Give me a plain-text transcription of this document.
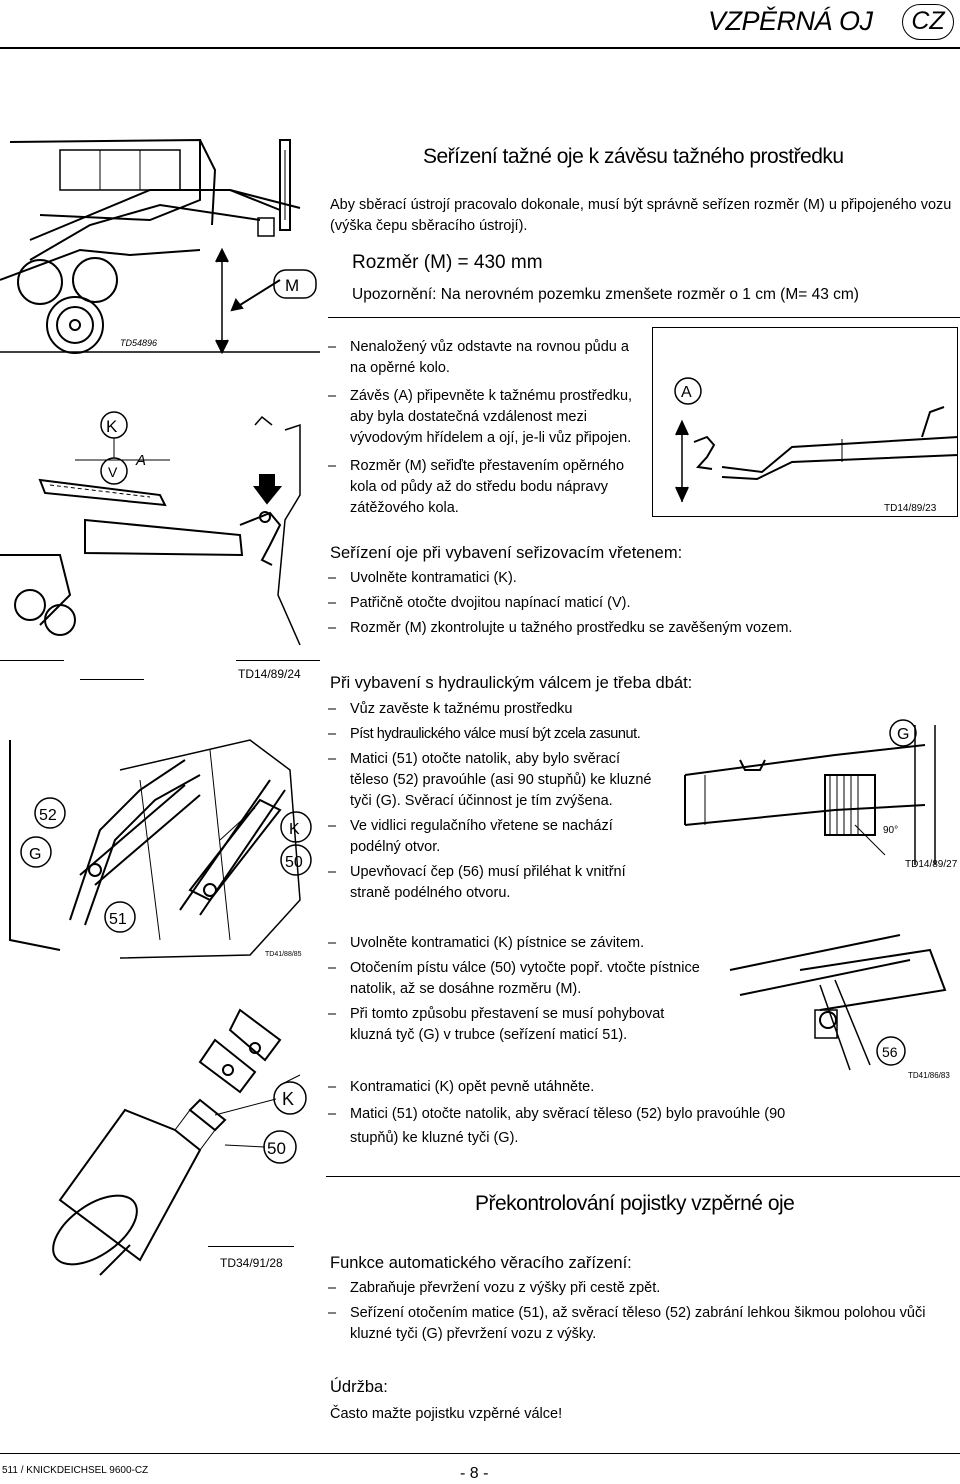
VZPĚRNÁ OJ	CZ
Seřízení tažné oje k závěsu tažného prostředku
Aby sběrací ústrojí pracovalo dokonale, musí být správně seřízen rozměr (M) u připojeného vozu (výška čepu sběracího ústrojí).
Rozměr (M) = 430 mm
Upozornění: Na nerovném pozemku zmenšete rozměr o 1 cm (M= 43 cm)
– Nenaložený vůz odstavte na rovnou půdu a na opěrné kolo.
– Závěs (A) připevněte k tažnému prostředku, aby byla dostatečná vzdálenost mezi vývodovým hřídelem a ojí, je-li vůz připojen.
– Rozměr (M) seřiďte přestavením opěrného kola od půdy až do středu bodu nápravy zátěžového kola.
Seřízení oje při vybavení seřizovacím vřetenem:
– Uvolněte kontramatici (K).
– Patřičně otočte dvojitou napínací maticí (V).
– Rozměr (M) zkontrolujte u tažného prostředku se zavěšeným vozem.
TD14/89/24 Při vybavení s hydraulickým válcem je třeba dbát:
– Vůz zavěste k tažnému prostředku
– Píst hydraulického válce musí být zcela zasunut.
– Matici (51) otočte natolik, aby bylo svěrací těleso (52) pravoúhle (asi 90 stupňů) ke kluzné tyči (G). Svěrací účinnost je tím zvýšena.
– Ve vidlici regulačního vřetene se nachází podélný otvor.
– Upevňovací čep (56) musí přiléhat k vnitřní straně podélného otvoru.
– Uvolněte kontramatici (K) pístnice se závitem.
– Otočením pístu válce (50) vytočte popř. vtočte pístnice natolik, až se dosáhne rozměru (M).
– Při tomto způsobu přestavení se musí pohybovat kluzná tyč (G) v trubce (seřízení maticí 51).
– Kontramatici (K) opět pevně utáhněte.
– Matici (51) otočte natolik, aby svěrací těleso (52) bylo pravoúhle (90 stupňů) ke kluzné tyči (G).
Překontrolování pojistky vzpěrné oje
TD34/91/28	Funkce automatického věracího zařízení:
– Zabraňuje převržení vozu z výšky při cestě zpět.
– Seřízení otočením matice (51), až svěrací těleso (52) zabrání lehkou šikmou polohou vůči kluzné tyči (G) převržení vozu z výšky.
Údržba:
Často mažte pojistku vzpěrné válce!
511 / KNICKDEICHSEL 9600-CZ	- 8 -
M
TD54896
K
V
A
A
TD14/89/23
52
G
51
K
50
TD41/88/85
G
90°
TD14/89/27
56
TD41/86/83
K
50
